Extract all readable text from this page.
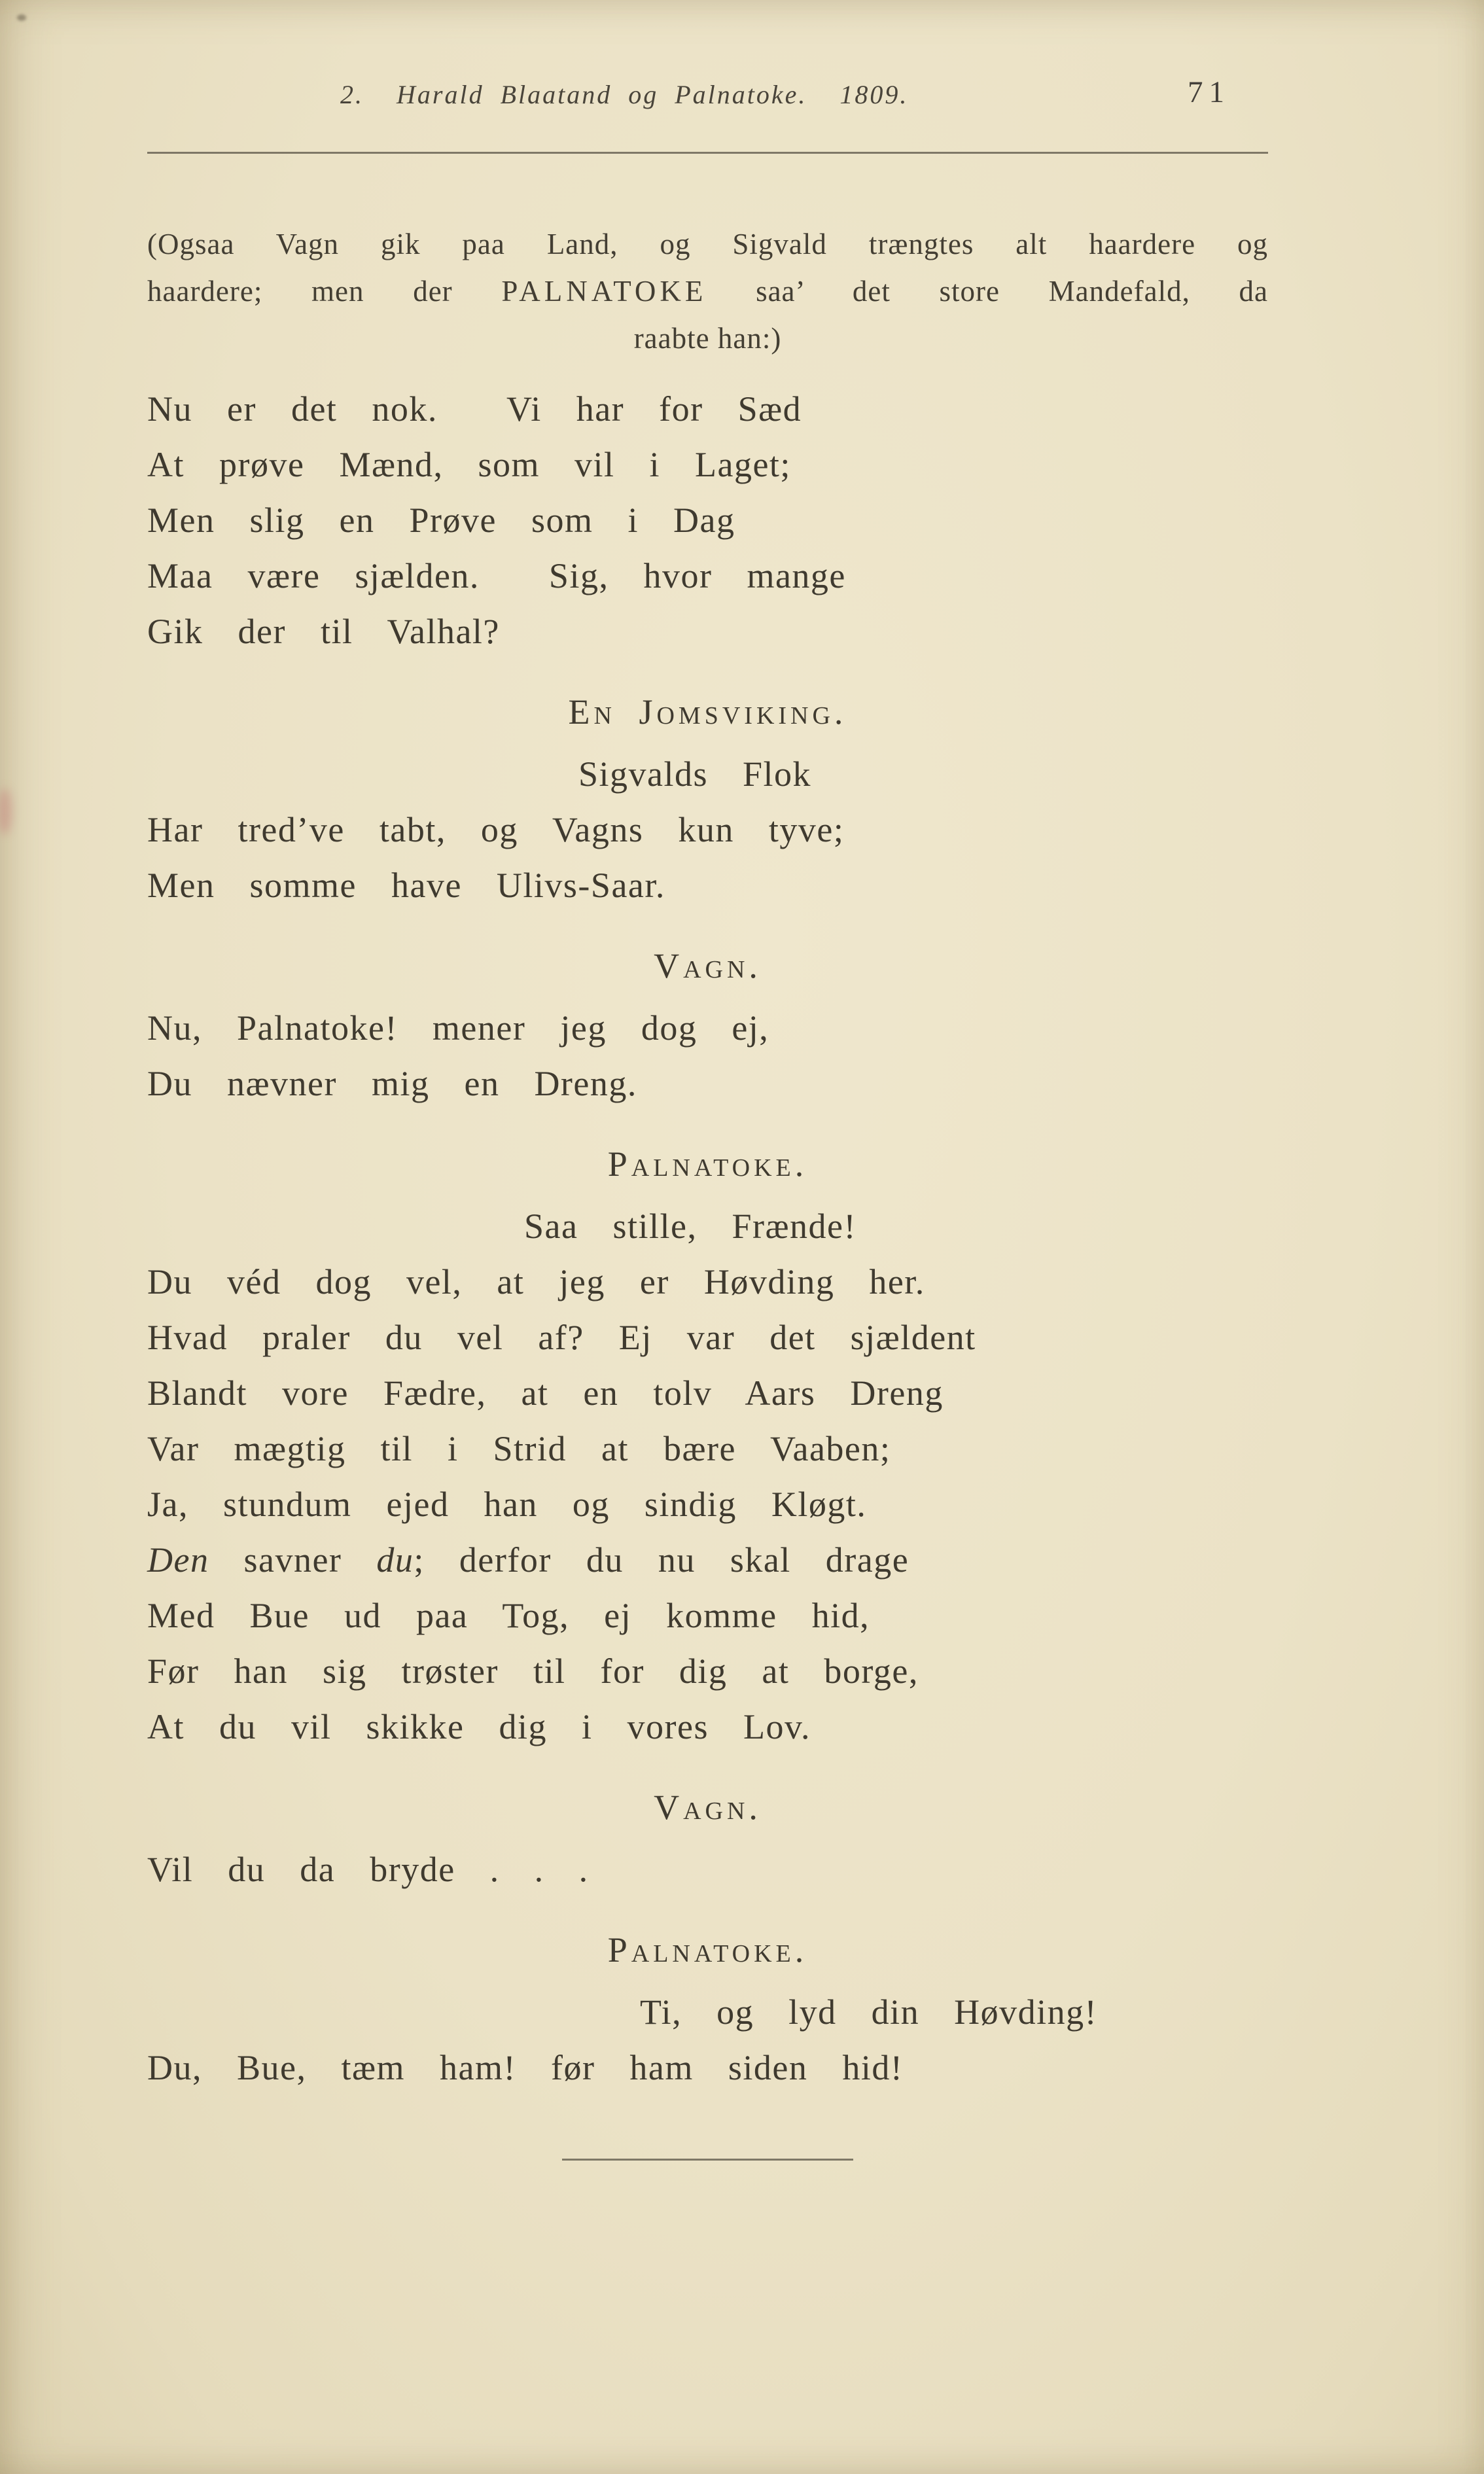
2.  Harald Blaatand og Palnatoke.  1809.	71
(Ogsaa Vagn gik paa Land, og Sigvald trængtes alt haardere og
haardere; men der PALNATOKE saa’ det store Mandefald, da
raabte han:)
Nu er det nok.  Vi har for Sæd
At prøve Mænd, som vil i Laget;
Men slig en Prøve som i Dag
Maa være sjælden.  Sig, hvor mange
Gik der til Valhal?
En Jomsviking.
Sigvalds Flok
Har tred’ve tabt, og Vagns kun tyve;
Men somme have Ulivs-Saar.
Vagn.
Nu, Palnatoke! mener jeg dog ej,
Du nævner mig en Dreng.
Palnatoke.
Saa stille, Frænde!
Du véd dog vel, at jeg er Høvding her.
Hvad praler du vel af? Ej var det sjældent
Blandt vore Fædre, at en tolv Aars Dreng
Var mægtig til i Strid at bære Vaaben;
Ja, stundum ejed han og sindig Kløgt.
Den savner du; derfor du nu skal drage
Med Bue ud paa Tog, ej komme hid,
Før han sig trøster til for dig at borge,
At du vil skikke dig i vores Lov.
Vagn.
Vil du da bryde . . .
Palnatoke.
Ti, og lyd din Høvding!
Du, Bue, tæm ham! før ham siden hid!
